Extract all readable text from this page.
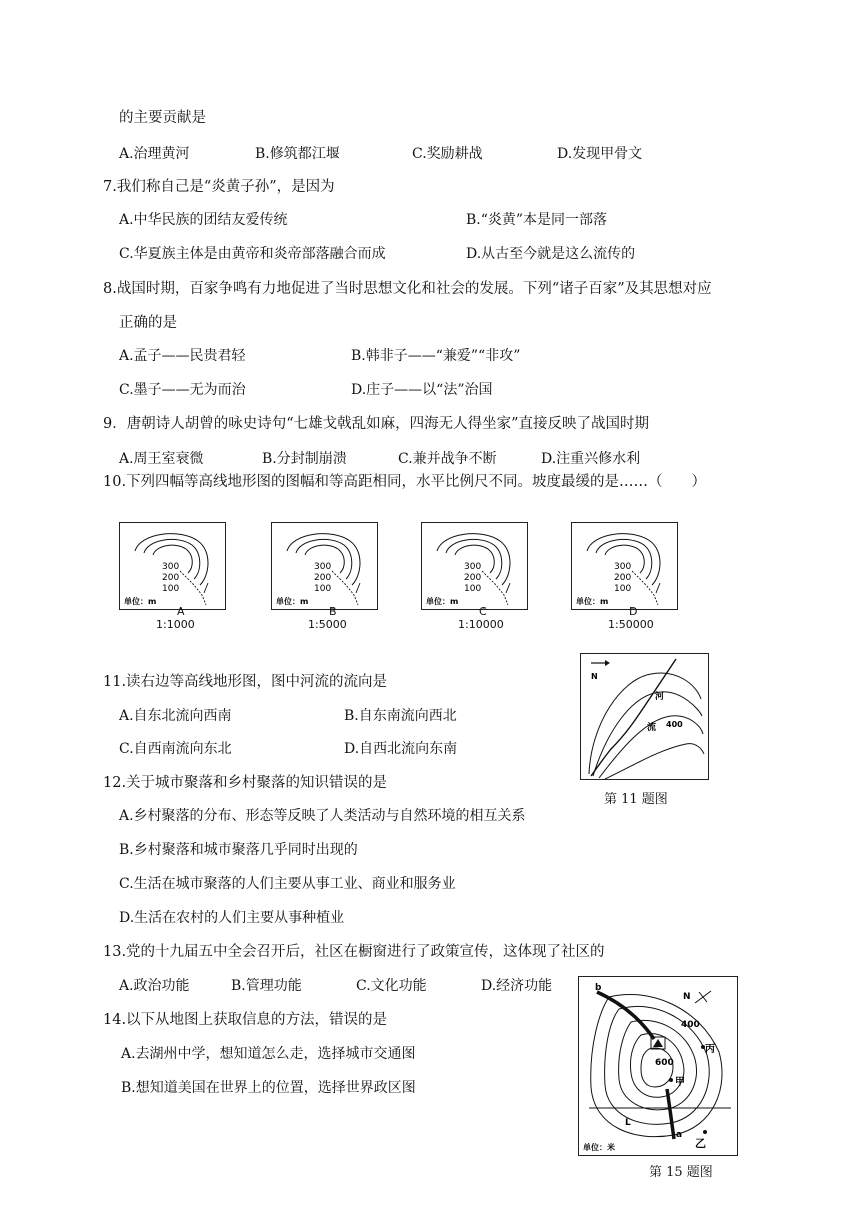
的主要贡献是
A.治理黄河	B.修筑都江堰	C.奖励耕战	D.发现甲骨文
7.我们称自己是“炎黄子孙”，是因为
A.中华民族的团结友爱传统	B.“炎黄”本是同一部落
C.华夏族主体是由黄帝和炎帝部落融合而成	D.从古至今就是这么流传的
8.战国时期，百家争鸣有力地促进了当时思想文化和社会的发展。下列“诸子百家”及其思想对应
正确的是
A.孟子——民贵君轻	B.韩非子——“兼爱”“非攻”
C.墨子——无为而治	D.庄子——以“法”治国
9．唐朝诗人胡曾的咏史诗句“七雄戈戟乱如麻，四海无人得坐家”直接反映了战国时期
A.周王室衰微	B.分封制崩溃	C.兼并战争不断	D.注重兴修水利
10.下列四幅等高线地形图的图幅和等高距相同，水平比例尺不同。坡度最缓的是……（　　）
300
200
100
单位：m
A
1:1000
300
200
100
单位：m
B
1:5000
300
200
100
单位：m
C
1:10000
300
200
100
单位：m
D
1:50000
11.读右边等高线地形图，图中河流的流向是
A.自东北流向西南	B.自东南流向西北
C.自西南流向东北	D.自西北流向东南
N
河
流 400
第 11 题图
12.关于城市聚落和乡村聚落的知识错误的是
A.乡村聚落的分布、形态等反映了人类活动与自然环境的相互关系
B.乡村聚落和城市聚落几乎同时出现的
C.生活在城市聚落的人们主要从事工业、商业和服务业
D.生活在农村的人们主要从事种植业
13.党的十九届五中全会召开后，社区在橱窗进行了政策宣传，这体现了社区的
A.政治功能	B.管理功能	C.文化功能	D.经济功能
14.以下从地图上获取信息的方法，错误的是
A.去湖州中学，想知道怎么走，选择城市交通图
B.想知道美国在世界上的位置，选择世界政区图
b
N
400
丙
600
甲
L
a
乙
单位：米
第 15 题图
